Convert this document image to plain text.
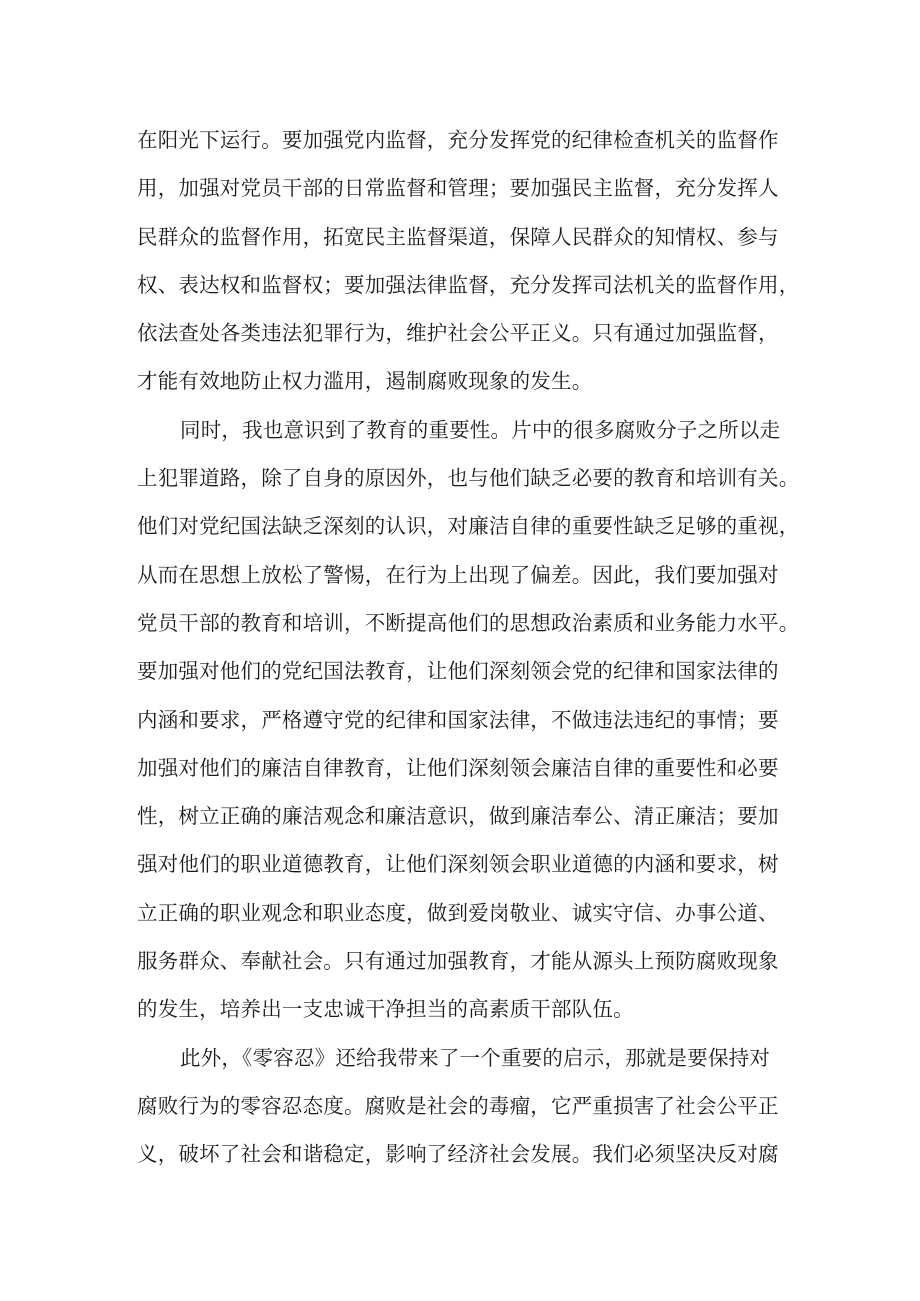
在阳光下运行。要加强党内监督，充分发挥党的纪律检查机关的监督作
用，加强对党员干部的日常监督和管理；要加强民主监督，充分发挥人
民群众的监督作用，拓宽民主监督渠道，保障人民群众的知情权、参与
权、表达权和监督权；要加强法律监督，充分发挥司法机关的监督作用，
依法查处各类违法犯罪行为，维护社会公平正义。只有通过加强监督，
才能有效地防止权力滥用，遏制腐败现象的发生。
同时，我也意识到了教育的重要性。片中的很多腐败分子之所以走
上犯罪道路，除了自身的原因外，也与他们缺乏必要的教育和培训有关。
他们对党纪国法缺乏深刻的认识，对廉洁自律的重要性缺乏足够的重视，
从而在思想上放松了警惕，在行为上出现了偏差。因此，我们要加强对
党员干部的教育和培训，不断提高他们的思想政治素质和业务能力水平。
要加强对他们的党纪国法教育，让他们深刻领会党的纪律和国家法律的
内涵和要求，严格遵守党的纪律和国家法律，不做违法违纪的事情；要
加强对他们的廉洁自律教育，让他们深刻领会廉洁自律的重要性和必要
性，树立正确的廉洁观念和廉洁意识，做到廉洁奉公、清正廉洁；要加
强对他们的职业道德教育，让他们深刻领会职业道德的内涵和要求，树
立正确的职业观念和职业态度，做到爱岗敬业、诚实守信、办事公道、
服务群众、奉献社会。只有通过加强教育，才能从源头上预防腐败现象
的发生，培养出一支忠诚干净担当的高素质干部队伍。
此外，《零容忍》还给我带来了一个重要的启示，那就是要保持对
腐败行为的零容忍态度。腐败是社会的毒瘤，它严重损害了社会公平正
义，破坏了社会和谐稳定，影响了经济社会发展。我们必须坚决反对腐
